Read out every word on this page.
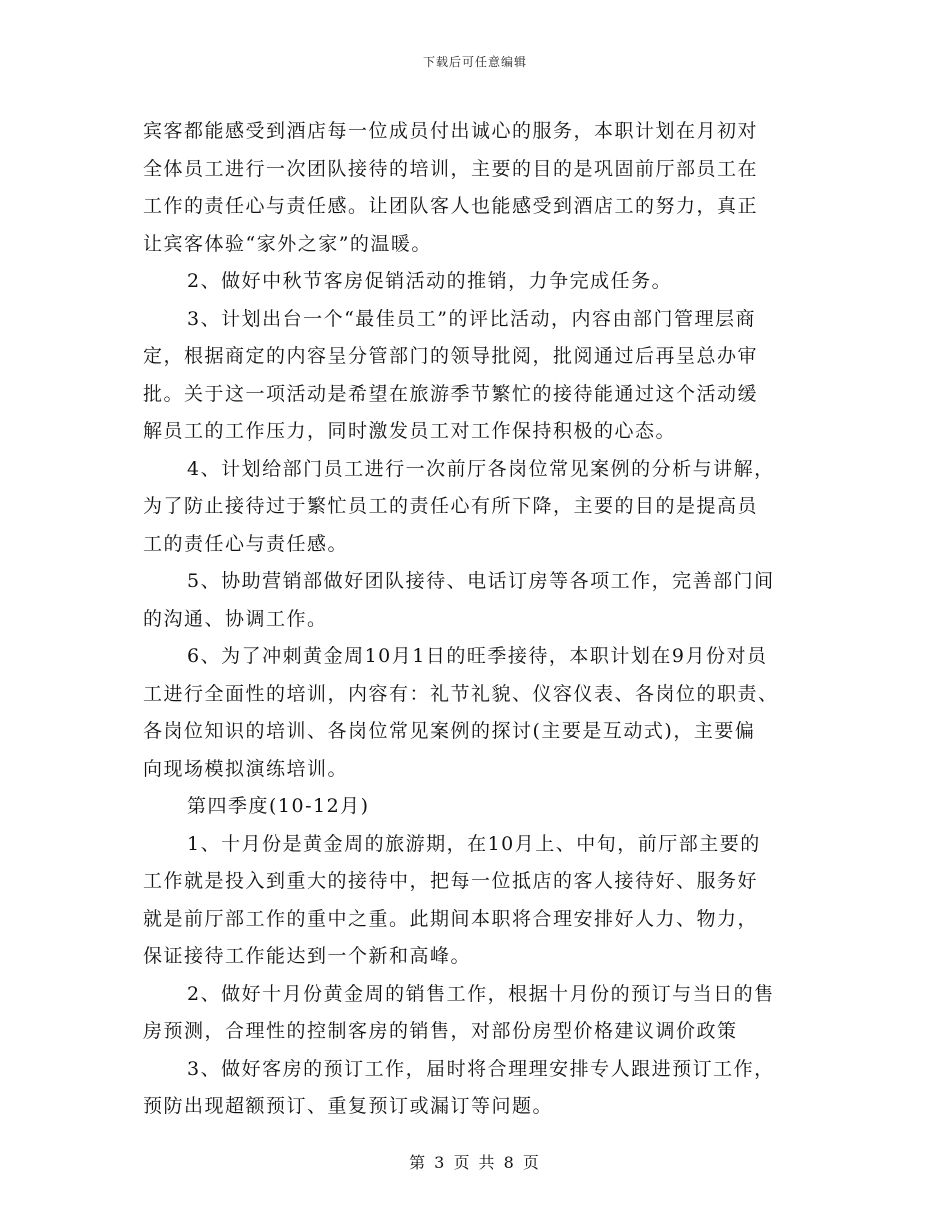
下载后可任意编辑
宾客都能感受到酒店每一位成员付出诚心的服务，本职计划在月初对
全体员工进行一次团队接待的培训，主要的目的是巩固前厅部员工在
工作的责任心与责任感。让团队客人也能感受到酒店工的努力，真正
让宾客体验“家外之家”的温暖。
2、做好中秋节客房促销活动的推销，力争完成任务。
3、计划出台一个“最佳员工”的评比活动，内容由部门管理层商
定，根据商定的内容呈分管部门的领导批阅，批阅通过后再呈总办审
批。关于这一项活动是希望在旅游季节繁忙的接待能通过这个活动缓
解员工的工作压力，同时激发员工对工作保持积极的心态。
4、计划给部门员工进行一次前厅各岗位常见案例的分析与讲解，
为了防止接待过于繁忙员工的责任心有所下降，主要的目的是提高员
工的责任心与责任感。
5、协助营销部做好团队接待、电话订房等各项工作，完善部门间
的沟通、协调工作。
6、为了冲刺黄金周10月1日的旺季接待，本职计划在9月份对员
工进行全面性的培训，内容有：礼节礼貌、仪容仪表、各岗位的职责、
各岗位知识的培训、各岗位常见案例的探讨(主要是互动式)，主要偏
向现场模拟演练培训。
第四季度(10-12月)
1、十月份是黄金周的旅游期，在10月上、中旬，前厅部主要的
工作就是投入到重大的接待中，把每一位抵店的客人接待好、服务好
就是前厅部工作的重中之重。此期间本职将合理安排好人力、物力，
保证接待工作能达到一个新和高峰。
2、做好十月份黄金周的销售工作，根据十月份的预订与当日的售
房预测，合理性的控制客房的销售，对部份房型价格建议调价政策
3、做好客房的预订工作，届时将合理理安排专人跟进预订工作，
预防出现超额预订、重复预订或漏订等问题。
第 3 页 共 8 页
